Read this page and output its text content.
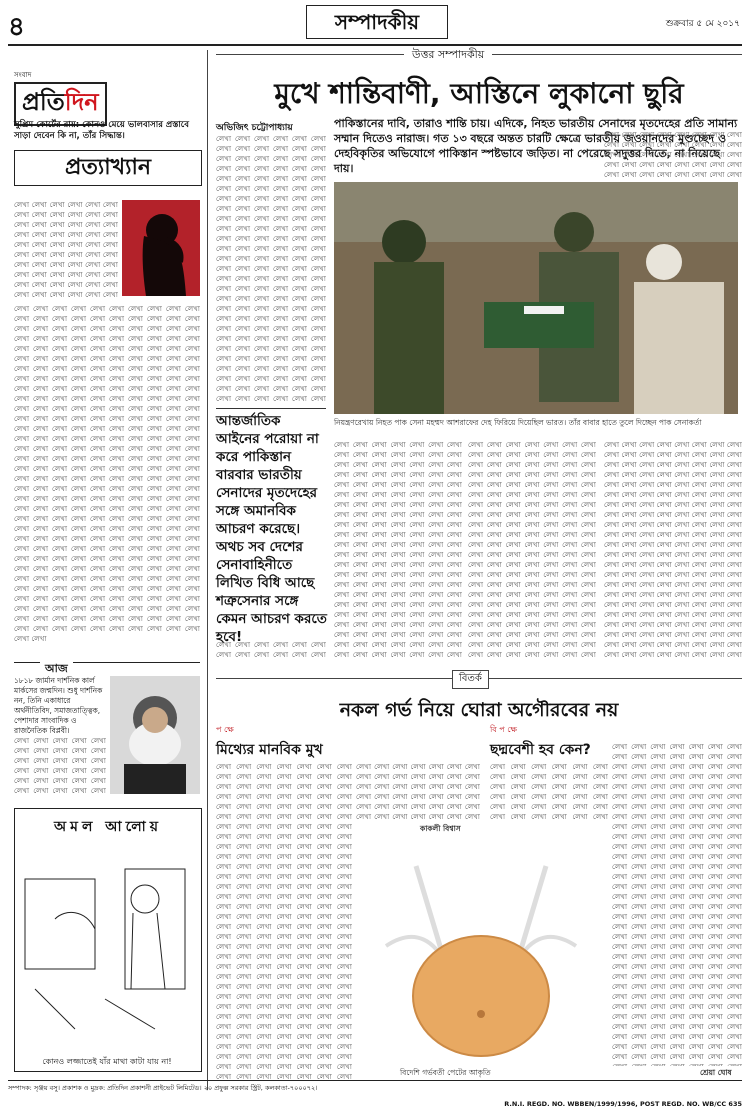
৪	সম্পাদকীয়	শুক্রবার ৫ মে ২০১৭
সংবাদ
প্রতিদিন
সুপ্রিম কোর্টের রায়: কোনও মেয়ে ভালবাসার প্রস্তাবে সাড়া দেবেন কি না, তাঁর সিদ্ধান্ত।
প্রত্যাখ্যান
লেখা লেখা লেখা লেখা লেখা লেখা লেখা লেখা লেখা লেখা লেখা লেখা লেখা লেখা লেখা লেখা লেখা লেখা লেখা লেখা লেখা লেখা লেখা লেখা লেখা লেখা লেখা লেখা লেখা লেখা লেখা লেখা লেখা লেখা লেখা লেখা লেখা লেখা লেখা লেখা লেখা লেখা লেখা লেখা লেখা লেখা লেখা লেখা লেখা লেখা লেখা লেখা লেখা লেখা লেখা লেখা লেখা লেখা লেখা লেখা লেখা লেখা লেখা লেখা লেখা লেখা লেখা লেখা লেখা লেখা লেখা লেখা লেখা লেখা লেখা লেখা লেখা লেখা লেখা লেখা লেখা লেখা লেখা লেখা লেখা লেখা লেখা লেখা লেখা লেখা লেখা লেখা লেখা লেখা লেখা লেখা লেখা লেখা লেখা লেখা লেখা লেখা লেখা লেখা লেখা লেখা লেখা লেখা লেখা লেখা লেখা লেখা লেখা লেখা লেখা লেখা লেখা লেখা লেখা লেখা লেখা লেখা লেখা লেখা লেখা লেখা লেখা লেখা লেখা লেখা লেখা লেখা লেখা লেখা লেখা লেখা লেখা লেখা লেখা লেখা লেখা লেখা লেখা লেখা লেখা লেখা লেখা লেখা লেখা লেখা লেখা লেখা লেখা লেখা লেখা লেখা লেখা লেখা লেখা লেখা লেখা লেখা লেখা লেখা লেখা লেখা লেখা লেখা লেখা লেখা লেখা লেখা লেখা লেখা লেখা লেখা লেখা লেখা লেখা লেখা লেখা লেখা লেখা লেখা লেখা লেখা লেখা লেখা লেখা লেখা লেখা লেখা লেখা লেখা লেখা লেখা লেখা লেখা লেখা লেখা লেখা লেখা লেখা লেখা লেখা লেখা লেখা লেখা লেখা লেখা লেখা লেখা লেখা লেখা লেখা লেখা লেখা লেখা লেখা লেখা লেখা লেখা লেখা লেখা লেখা লেখা লেখা লেখা লেখা লেখা লেখা লেখা লেখা লেখা লেখা লেখা লেখা লেখা লেখা লেখা লেখা লেখা লেখা লেখা লেখা লেখা লেখা লেখা লেখা লেখা লেখা লেখা লেখা লেখা লেখা লেখা লেখা লেখা লেখা লেখা লেখা লেখা লেখা লেখা লেখা লেখা লেখা লেখা লেখা লেখা লেখা লেখা লেখা লেখা লেখা লেখা লেখা লেখা লেখা লেখা লেখা লেখা লেখা লেখা লেখা লেখা লেখা লেখা লেখা লেখা লেখা লেখা লেখা লেখা লেখা লেখা লেখা লেখা লেখা লেখা লেখা লেখা লেখা লেখা লেখা লেখা লেখা লেখা লেখা লেখা লেখা লেখা লেখা লেখা লেখা লেখা লেখা লেখা লেখা লেখা লেখা লেখা লেখা লেখা লেখা লেখা লেখা লেখা লেখা লেখা লেখা লেখা
লেখা লেখা লেখা লেখা লেখা লেখা লেখা লেখা লেখা লেখা লেখা লেখা লেখা লেখা লেখা লেখা লেখা লেখা লেখা লেখা লেখা লেখা লেখা লেখা লেখা লেখা লেখা লেখা লেখা লেখা লেখা লেখা লেখা লেখা লেখা লেখা লেখা লেখা লেখা লেখা লেখা লেখা লেখা লেখা লেখা লেখা লেখা লেখা লেখা লেখা লেখা লেখা লেখা লেখা লেখা লেখা লেখা লেখা লেখা লেখা লেখা লেখা লেখা লেখা লেখা লেখা লেখা লেখা লেখা লেখা লেখা লেখা লেখা লেখা লেখা লেখা লেখা লেখা লেখা লেখা লেখা লেখা লেখা লেখা লেখা লেখা লেখা লেখা লেখা লেখা লেখা লেখা লেখা লেখা লেখা লেখা লেখা লেখা লেখা লেখা লেখা লেখা লেখা লেখা লেখা লেখা লেখা লেখা লেখা লেখা লেখা লেখা লেখা লেখা লেখা লেখা লেখা লেখা লেখা লেখা লেখা লেখা লেখা লেখা লেখা লেখা লেখা লেখা লেখা লেখা লেখা লেখা লেখা লেখা লেখা লেখা লেখা লেখা লেখা লেখা লেখা লেখা লেখা লেখা লেখা লেখা লেখা লেখা লেখা লেখা লেখা লেখা লেখা লেখা লেখা লেখা লেখা লেখা লেখা লেখা লেখা লেখা লেখা লেখা লেখা লেখা লেখা লেখা লেখা লেখা লেখা লেখা লেখা লেখা লেখা লেখা লেখা লেখা লেখা লেখা লেখা লেখা লেখা লেখা লেখা লেখা লেখা লেখা লেখা লেখা লেখা লেখা লেখা লেখা লেখা লেখা লেখা লেখা লেখা লেখা লেখা লেখা লেখা লেখা লেখা লেখা লেখা লেখা লেখা লেখা লেখা লেখা লেখা লেখা লেখা লেখা লেখা লেখা লেখা লেখা লেখা লেখা লেখা লেখা লেখা লেখা লেখা লেখা লেখা লেখা লেখা লেখা লেখা লেখা লেখা লেখা লেখা লেখা লেখা লেখা লেখা লেখা লেখা লেখা লেখা লেখা লেখা লেখা লেখা লেখা লেখা লেখা লেখা লেখা লেখা লেখা লেখা লেখা লেখা লেখা লেখা লেখা লেখা লেখা লেখা লেখা লেখা লেখা লেখা লেখা লেখা লেখা লেখা লেখা লেখা লেখা লেখা লেখা লেখা লেখা লেখা লেখা লেখা লেখা লেখা লেখা লেখা লেখা লেখা লেখা লেখা লেখা লেখা লেখা লেখা লেখা লেখা লেখা লেখা লেখা লেখা লেখা লেখা লেখা লেখা লেখা লেখা লেখা লেখা লেখা লেখা লেখা লেখা লেখা লেখা লেখা লেখা লেখা লেখা লেখা লেখা লেখা লেখা লেখা লেখা লেখা লেখা লেখা লেখা লেখা লেখা লেখা
আজ
১৮১৮ জার্মান দার্শনিক কার্ল মার্কসের জন্মদিন। শুধু দার্শনিক নন, তিনি একাধারে অর্থনীতিবিদ, সমাজতাত্ত্বিক, পেশাদার সাংবাদিক ও রাজনৈতিক বিপ্লবী।
লেখা লেখা লেখা লেখা লেখা লেখা লেখা লেখা লেখা লেখা লেখা লেখা লেখা লেখা লেখা লেখা লেখা লেখা লেখা লেখা লেখা লেখা লেখা লেখা লেখা লেখা লেখা লেখা লেখা লেখা লেখা লেখা লেখা লেখা লেখা লেখা লেখা লেখা লেখা লেখা লেখা লেখা লেখা লেখা লেখা লেখা লেখা লেখা লেখা লেখা লেখা লেখা লেখা লেখা লেখা লেখা লেখা লেখা লেখা লেখা লেখা লেখা লেখা লেখা লেখা লেখা লেখা লেখা লেখা লেখা লেখা লেখা লেখা লেখা লেখা লেখা লেখা লেখা লেখা লেখা লেখা লেখা লেখা লেখা লেখা লেখা লেখা লেখা লেখা লেখা লেখা লেখা লেখা লেখা লেখা লেখা লেখা লেখা লেখা লেখা লেখা লেখা লেখা লেখা লেখা লেখা লেখা লেখা লেখা লেখা লেখা লেখা লেখা লেখা লেখা লেখা লেখা লেখা লেখা লেখা লেখা লেখা লেখা লেখা লেখা লেখা লেখা লেখা লেখা লেখা লেখা লেখা লেখা লেখা লেখা লেখা লেখা লেখা লেখা লেখা লেখা লেখা লেখা লেখা লেখা লেখা লেখা লেখা লেখা লেখা লেখা লেখা লেখা লেখা লেখা লেখা লেখা লেখা লেখা লেখা লেখা লেখা লেখা লেখা লেখা লেখা লেখা লেখা লেখা লেখা লেখা লেখা লেখা লেখা লেখা লেখা লেখা লেখা লেখা লেখা লেখা লেখা লেখা লেখা লেখা লেখা লেখা লেখা লেখা লেখা লেখা লেখা লেখা লেখা লেখা লেখা লেখা লেখা লেখা লেখা লেখা লেখা লেখা লেখা লেখা লেখা লেখা লেখা লেখা লেখা লেখা লেখা লেখা লেখা লেখা লেখা লেখা লেখা লেখা লেখা লেখা লেখা লেখা লেখা লেখা লেখা লেখা লেখা লেখা লেখা লেখা লেখা লেখা লেখা লেখা লেখা লেখা লেখা লেখা লেখা লেখা লেখা লেখা লেখা লেখা লেখা লেখা লেখা লেখা লেখা লেখা লেখা লেখা লেখা লেখা লেখা লেখা লেখা লেখা লেখা লেখা লেখা লেখা লেখা লেখা লেখা লেখা লেখা লেখা লেখা লেখা লেখা লেখা লেখা লেখা লেখা লেখা লেখা লেখা লেখা লেখা লেখা লেখা লেখা লেখা লেখা লেখা লেখা লেখা লেখা লেখা লেখা লেখা লেখা লেখা লেখা লেখা লেখা লেখা লেখা লেখা লেখা লেখা লেখা লেখা লেখা লেখা লেখা লেখা লেখা লেখা লেখা লেখা লেখা লেখা লেখা লেখা লেখা লেখা লেখা লেখা লেখা লেখা লেখা লেখা লেখা লেখা লেখা লেখা লেখা লেখা লেখা
অমল আলোয়
কোনও লজ্জাতেই যাঁর মাথা কাটা যায় না!
উত্তর সম্পাদকীয়
মুখে শান্তিবাণী, আস্তিনে লুকানো ছুরি
পাকিস্তানের দাবি, তারাও শান্তি চায়। এদিকে, নিহত ভারতীয় সেনাদের মৃতদেহের প্রতি সামান্য সম্মান দিতেও নারাজ। গত ১৩ বছরে অন্তত চারটি ক্ষেত্রে ভারতীয় জওয়ানদের মুণ্ডচ্ছেদ ও দেহবিকৃতির অভিযোগে পাকিস্তান স্পষ্টভাবে জড়িত। না পেরেছে সদুত্তর দিতে, না নিয়েছে দায়।
অভিজিৎ চট্টোপাধ্যায়
লেখা লেখা লেখা লেখা লেখা লেখা লেখা লেখা লেখা লেখা লেখা লেখা লেখা লেখা লেখা লেখা লেখা লেখা লেখা লেখা লেখা লেখা লেখা লেখা লেখা লেখা লেখা লেখা লেখা লেখা লেখা লেখা লেখা লেখা লেখা লেখা লেখা লেখা লেখা লেখা লেখা লেখা লেখা লেখা লেখা লেখা লেখা লেখা লেখা লেখা লেখা লেখা লেখা লেখা লেখা লেখা লেখা লেখা লেখা লেখা লেখা লেখা লেখা লেখা লেখা লেখা লেখা লেখা লেখা লেখা লেখা লেখা লেখা লেখা লেখা লেখা লেখা লেখা লেখা লেখা লেখা লেখা লেখা লেখা লেখা লেখা লেখা লেখা লেখা লেখা লেখা লেখা লেখা লেখা লেখা লেখা লেখা লেখা লেখা লেখা লেখা লেখা লেখা লেখা লেখা লেখা লেখা লেখা লেখা লেখা লেখা লেখা লেখা লেখা লেখা লেখা লেখা লেখা লেখা লেখা লেখা লেখা লেখা লেখা লেখা লেখা লেখা লেখা লেখা লেখা লেখা লেখা লেখা লেখা লেখা লেখা লেখা লেখা লেখা লেখা লেখা লেখা লেখা লেখা লেখা লেখা লেখা লেখা লেখা লেখা লেখা লেখা লেখা লেখা লেখা লেখা লেখা লেখা লেখা লেখা লেখা লেখা লেখা লেখা লেখা লেখা লেখা লেখা লেখা লেখা লেখা লেখা লেখা লেখা লেখা লেখা লেখা লেখা লেখা লেখা লেখা লেখা লেখা লেখা লেখা লেখা লেখা লেখা লেখা লেখা লেখা লেখা লেখা লেখা লেখা লেখা লেখা লেখা লেখা লেখা লেখা লেখা লেখা লেখা লেখা লেখা লেখা লেখা লেখা লেখা লেখা লেখা লেখা লেখা লেখা লেখা লেখা লেখা লেখা লেখা লেখা লেখা লেখা লেখা লেখা লেখা লেখা লেখা লেখা লেখা লেখা লেখা লেখা লেখা লেখা লেখা লেখা লেখা লেখা লেখা লেখা লেখা লেখা লেখা লেখা লেখা লেখা লেখা লেখা লেখা লেখা লেখা লেখা লেখা লেখা লেখা লেখা লেখা লেখা লেখা লেখা লেখা লেখা লেখা লেখা লেখা লেখা লেখা লেখা লেখা লেখা লেখা লেখা লেখা লেখা লেখা লেখা লেখা লেখা লেখা লেখা লেখা লেখা লেখা লেখা লেখা লেখা লেখা লেখা লেখা লেখা লেখা লেখা লেখা লেখা লেখা লেখা লেখা লেখা লেখা লেখা লেখা লেখা লেখা লেখা লেখা লেখা লেখা লেখা লেখা লেখা লেখা লেখা লেখা লেখা লেখা লেখা লেখা লেখা লেখা লেখা লেখা লেখা লেখা লেখা লেখা লেখা লেখা লেখা লেখা লেখা লেখা
নিয়ন্ত্রণরেখায় নিহত পাক সেনা মহম্মদ আশরাফের দেহ ফিরিয়ে দিয়েছিল ভারত। তাঁর বাবার হাতে তুলে দিচ্ছেন পাক সেনাকর্তা
আন্তর্জাতিক আইনের পরোয়া না করে পাকিস্তান বারবার ভারতীয় সেনাদের মৃতদেহের সঙ্গে অমানবিক আচরণ করেছে। অথচ সব দেশের সেনাবাহিনীতে লিখিত বিধি আছে শত্রুসেনার সঙ্গে কেমন আচরণ করতে হবে!
লেখা লেখা লেখা লেখা লেখা লেখা লেখা লেখা লেখা লেখা লেখা লেখা লেখা লেখা লেখা লেখা লেখা লেখা লেখা লেখা লেখা লেখা লেখা লেখা লেখা লেখা লেখা লেখা লেখা লেখা লেখা লেখা লেখা লেখা লেখা লেখা লেখা লেখা লেখা লেখা লেখা লেখা লেখা লেখা লেখা লেখা লেখা লেখা লেখা লেখা লেখা লেখা লেখা লেখা লেখা লেখা লেখা লেখা লেখা লেখা লেখা লেখা লেখা লেখা লেখা লেখা লেখা লেখা লেখা লেখা লেখা লেখা লেখা লেখা লেখা লেখা লেখা লেখা লেখা লেখা লেখা লেখা লেখা লেখা লেখা লেখা লেখা লেখা লেখা লেখা লেখা লেখা লেখা লেখা লেখা লেখা লেখা লেখা লেখা লেখা লেখা লেখা লেখা লেখা লেখা লেখা লেখা লেখা লেখা লেখা লেখা লেখা লেখা লেখা লেখা লেখা লেখা লেখা লেখা লেখা লেখা লেখা লেখা লেখা লেখা লেখা লেখা লেখা লেখা লেখা লেখা লেখা লেখা লেখা লেখা লেখা লেখা লেখা লেখা লেখা লেখা লেখা লেখা লেখা লেখা লেখা লেখা লেখা লেখা লেখা লেখা লেখা লেখা লেখা লেখা লেখা লেখা লেখা লেখা লেখা লেখা লেখা লেখা লেখা লেখা লেখা লেখা লেখা লেখা লেখা লেখা লেখা লেখা লেখা লেখা লেখা লেখা লেখা লেখা লেখা লেখা লেখা লেখা লেখা লেখা লেখা লেখা লেখা লেখা লেখা লেখা লেখা লেখা লেখা লেখা লেখা লেখা লেখা লেখা লেখা লেখা লেখা লেখা লেখা লেখা লেখা লেখা লেখা লেখা লেখা লেখা লেখা লেখা লেখা লেখা লেখা লেখা লেখা লেখা লেখা লেখা লেখা লেখা লেখা লেখা লেখা লেখা লেখা লেখা লেখা লেখা লেখা লেখা লেখা লেখা লেখা লেখা লেখা লেখা লেখা লেখা লেখা লেখা লেখা লেখা লেখা লেখা লেখা লেখা লেখা লেখা লেখা লেখা লেখা লেখা লেখা লেখা লেখা লেখা লেখা লেখা লেখা লেখা লেখা লেখা লেখা লেখা লেখা লেখা লেখা লেখা লেখা লেখা লেখা লেখা লেখা লেখা লেখা লেখা লেখা লেখা লেখা লেখা লেখা লেখা লেখা লেখা লেখা লেখা লেখা লেখা লেখা লেখা লেখা লেখা লেখা লেখা লেখা লেখা লেখা লেখা লেখা লেখা লেখা লেখা লেখা লেখা লেখা লেখা লেখা লেখা লেখা লেখা লেখা লেখা লেখা লেখা লেখা লেখা লেখা লেখা লেখা লেখা লেখা লেখা লেখা লেখা লেখা লেখা লেখা লেখা লেখা
লেখা লেখা লেখা লেখা লেখা লেখা লেখা লেখা লেখা লেখা লেখা লেখা লেখা লেখা লেখা লেখা লেখা লেখা লেখা লেখা লেখা লেখা লেখা লেখা লেখা লেখা লেখা লেখা লেখা লেখা লেখা লেখা লেখা লেখা লেখা লেখা লেখা লেখা লেখা লেখা লেখা লেখা লেখা লেখা লেখা লেখা লেখা লেখা লেখা লেখা লেখা লেখা লেখা লেখা লেখা লেখা লেখা লেখা লেখা লেখা লেখা লেখা লেখা লেখা লেখা লেখা লেখা লেখা লেখা লেখা লেখা লেখা লেখা লেখা লেখা লেখা লেখা লেখা লেখা লেখা লেখা লেখা লেখা লেখা লেখা লেখা লেখা লেখা লেখা লেখা লেখা লেখা লেখা লেখা লেখা লেখা লেখা লেখা লেখা লেখা লেখা লেখা লেখা লেখা লেখা লেখা লেখা লেখা লেখা লেখা লেখা লেখা লেখা লেখা লেখা লেখা লেখা লেখা লেখা লেখা লেখা লেখা লেখা লেখা লেখা লেখা লেখা লেখা লেখা লেখা লেখা লেখা লেখা লেখা লেখা লেখা লেখা লেখা লেখা লেখা লেখা লেখা লেখা লেখা লেখা লেখা লেখা লেখা লেখা লেখা লেখা লেখা লেখা লেখা লেখা লেখা লেখা লেখা লেখা লেখা লেখা লেখা লেখা লেখা লেখা লেখা লেখা লেখা লেখা লেখা লেখা লেখা লেখা লেখা লেখা লেখা লেখা লেখা লেখা লেখা লেখা লেখা লেখা লেখা লেখা লেখা লেখা লেখা লেখা লেখা লেখা লেখা লেখা লেখা লেখা লেখা লেখা লেখা লেখা লেখা লেখা লেখা লেখা লেখা লেখা লেখা লেখা লেখা লেখা লেখা লেখা লেখা লেখা লেখা লেখা লেখা লেখা লেখা লেখা লেখা লেখা লেখা লেখা লেখা লেখা লেখা লেখা লেখা লেখা লেখা লেখা লেখা লেখা লেখা লেখা লেখা লেখা লেখা লেখা লেখা লেখা লেখা লেখা লেখা লেখা লেখা লেখা লেখা লেখা লেখা লেখা লেখা লেখা লেখা লেখা লেখা লেখা লেখা লেখা লেখা লেখা লেখা লেখা লেখা লেখা লেখা লেখা লেখা লেখা লেখা লেখা লেখা লেখা লেখা লেখা লেখা লেখা লেখা লেখা লেখা লেখা লেখা লেখা লেখা লেখা লেখা লেখা লেখা লেখা লেখা লেখা লেখা লেখা লেখা লেখা লেখা লেখা লেখা লেখা লেখা লেখা লেখা লেখা লেখা লেখা লেখা লেখা লেখা লেখা লেখা লেখা লেখা লেখা লেখা লেখা লেখা লেখা লেখা লেখা লেখা লেখা লেখা লেখা লেখা লেখা লেখা লেখা লেখা লেখা লেখা লেখা লেখা
লেখা লেখা লেখা লেখা লেখা লেখা লেখা লেখা লেখা লেখা লেখা লেখা লেখা লেখা লেখা লেখা লেখা লেখা লেখা লেখা লেখা লেখা লেখা লেখা লেখা লেখা লেখা লেখা লেখা লেখা লেখা লেখা লেখা লেখা লেখা লেখা লেখা লেখা লেখা লেখা লেখা লেখা লেখা লেখা লেখা লেখা লেখা লেখা লেখা লেখা লেখা লেখা লেখা লেখা লেখা লেখা লেখা লেখা লেখা লেখা লেখা লেখা লেখা লেখা লেখা লেখা লেখা লেখা লেখা লেখা লেখা লেখা লেখা লেখা লেখা লেখা লেখা লেখা লেখা লেখা লেখা লেখা লেখা লেখা লেখা লেখা লেখা লেখা লেখা লেখা লেখা লেখা লেখা লেখা লেখা লেখা লেখা লেখা লেখা লেখা লেখা লেখা লেখা লেখা লেখা লেখা লেখা লেখা লেখা লেখা লেখা লেখা লেখা লেখা লেখা লেখা লেখা লেখা লেখা লেখা লেখা লেখা লেখা লেখা লেখা লেখা লেখা লেখা লেখা লেখা লেখা লেখা লেখা লেখা লেখা লেখা লেখা লেখা লেখা লেখা লেখা লেখা লেখা লেখা লেখা লেখা লেখা লেখা লেখা লেখা লেখা লেখা লেখা লেখা লেখা লেখা লেখা লেখা লেখা লেখা লেখা লেখা লেখা লেখা লেখা লেখা লেখা লেখা লেখা লেখা লেখা লেখা লেখা লেখা লেখা লেখা লেখা লেখা লেখা লেখা লেখা লেখা লেখা লেখা লেখা লেখা লেখা লেখা লেখা লেখা লেখা লেখা লেখা লেখা লেখা লেখা লেখা লেখা লেখা লেখা লেখা লেখা লেখা লেখা লেখা লেখা লেখা লেখা লেখা লেখা লেখা লেখা লেখা লেখা লেখা লেখা লেখা লেখা লেখা লেখা লেখা লেখা লেখা লেখা লেখা লেখা লেখা লেখা লেখা লেখা লেখা লেখা লেখা লেখা লেখা লেখা লেখা লেখা লেখা লেখা লেখা লেখা লেখা লেখা লেখা লেখা লেখা লেখা লেখা লেখা লেখা লেখা লেখা লেখা লেখা লেখা লেখা লেখা লেখা লেখা লেখা লেখা লেখা লেখা লেখা লেখা লেখা লেখা লেখা লেখা লেখা লেখা লেখা লেখা লেখা লেখা লেখা লেখা লেখা লেখা লেখা লেখা লেখা লেখা লেখা লেখা লেখা লেখা লেখা লেখা লেখা লেখা লেখা লেখা লেখা লেখা লেখা লেখা লেখা লেখা লেখা লেখা লেখা লেখা লেখা লেখা লেখা লেখা লেখা লেখা লেখা লেখা লেখা লেখা লেখা লেখা লেখা লেখা লেখা লেখা লেখা লেখা লেখা লেখা লেখা লেখা লেখা লেখা লেখা লেখা লেখা লেখা
লেখা লেখা লেখা লেখা লেখা লেখা লেখা লেখা লেখা লেখা লেখা লেখা লেখা লেখা লেখা লেখা লেখা লেখা লেখা লেখা লেখা লেখা লেখা লেখা লেখা লেখা লেখা লেখা লেখা লেখা লেখা লেখা লেখা লেখা লেখা লেখা লেখা লেখা লেখা লেখা লেখা লেখা লেখা লেখা লেখা লেখা লেখা লেখা লেখা লেখা লেখা লেখা লেখা লেখা লেখা লেখা লেখা লেখা লেখা লেখা লেখা লেখা লেখা লেখা লেখা লেখা লেখা লেখা লেখা লেখা লেখা লেখা লেখা লেখা লেখা লেখা লেখা লেখা লেখা লেখা লেখা লেখা লেখা লেখা লেখা লেখা লেখা লেখা লেখা লেখা লেখা লেখা লেখা লেখা লেখা লেখা লেখা লেখা লেখা লেখা লেখা লেখা লেখা লেখা লেখা লেখা লেখা লেখা লেখা লেখা লেখা লেখা লেখা লেখা লেখা লেখা লেখা লেখা লেখা লেখা লেখা লেখা লেখা লেখা লেখা লেখা লেখা লেখা লেখা লেখা লেখা লেখা লেখা লেখা লেখা লেখা লেখা লেখা লেখা লেখা লেখা লেখা লেখা লেখা লেখা লেখা লেখা লেখা লেখা লেখা লেখা লেখা লেখা লেখা লেখা লেখা লেখা লেখা লেখা লেখা লেখা লেখা লেখা লেখা লেখা লেখা লেখা লেখা লেখা লেখা লেখা লেখা লেখা লেখা লেখা লেখা লেখা লেখা লেখা লেখা লেখা লেখা লেখা লেখা লেখা লেখা লেখা লেখা লেখা লেখা লেখা লেখা লেখা লেখা লেখা লেখা লেখা লেখা লেখা লেখা লেখা লেখা লেখা লেখা লেখা লেখা লেখা লেখা লেখা লেখা লেখা লেখা লেখা লেখা লেখা লেখা লেখা লেখা লেখা লেখা লেখা লেখা লেখা লেখা লেখা লেখা লেখা লেখা লেখা লেখা লেখা লেখা লেখা লেখা লেখা লেখা লেখা লেখা লেখা লেখা লেখা লেখা লেখা লেখা লেখা লেখা লেখা লেখা লেখা লেখা লেখা লেখা লেখা লেখা লেখা লেখা লেখা লেখা লেখা লেখা লেখা লেখা লেখা লেখা লেখা লেখা লেখা লেখা লেখা লেখা লেখা লেখা লেখা লেখা লেখা লেখা লেখা লেখা লেখা লেখা লেখা লেখা লেখা লেখা লেখা লেখা লেখা লেখা লেখা লেখা লেখা লেখা লেখা লেখা লেখা লেখা লেখা লেখা লেখা লেখা লেখা লেখা লেখা লেখা লেখা লেখা লেখা লেখা লেখা লেখা লেখা লেখা লেখা লেখা লেখা লেখা লেখা লেখা লেখা লেখা লেখা লেখা লেখা লেখা লেখা লেখা লেখা লেখা লেখা লেখা লেখা লেখা
লেখা লেখা লেখা লেখা লেখা লেখা লেখা লেখা লেখা লেখা লেখা লেখা লেখা লেখা লেখা লেখা লেখা লেখা লেখা লেখা লেখা লেখা লেখা লেখা লেখা লেখা লেখা লেখা লেখা লেখা লেখা লেখা লেখা লেখা লেখা লেখা লেখা লেখা লেখা লেখা লেখা লেখা লেখা লেখা লেখা লেখা লেখা লেখা লেখা লেখা লেখা লেখা লেখা লেখা লেখা লেখা লেখা লেখা লেখা লেখা লেখা লেখা লেখা লেখা লেখা লেখা লেখা লেখা লেখা লেখা লেখা লেখা লেখা লেখা লেখা লেখা লেখা লেখা লেখা লেখা লেখা লেখা লেখা লেখা লেখা লেখা লেখা লেখা লেখা লেখা লেখা লেখা লেখা লেখা লেখা লেখা লেখা লেখা লেখা লেখা লেখা লেখা লেখা লেখা লেখা লেখা লেখা লেখা লেখা লেখা লেখা লেখা লেখা লেখা লেখা লেখা লেখা লেখা লেখা লেখা লেখা লেখা লেখা লেখা লেখা লেখা লেখা লেখা লেখা লেখা লেখা লেখা লেখা লেখা লেখা লেখা লেখা লেখা লেখা লেখা লেখা লেখা লেখা লেখা লেখা লেখা লেখা লেখা লেখা লেখা লেখা লেখা লেখা লেখা লেখা লেখা লেখা লেখা লেখা লেখা লেখা লেখা লেখা লেখা লেখা লেখা লেখা লেখা লেখা লেখা লেখা লেখা লেখা লেখা লেখা লেখা লেখা লেখা লেখা লেখা লেখা লেখা লেখা লেখা লেখা লেখা লেখা লেখা লেখা লেখা লেখা লেখা লেখা লেখা লেখা লেখা লেখা লেখা লেখা লেখা লেখা লেখা লেখা লেখা লেখা লেখা লেখা লেখা লেখা লেখা লেখা লেখা লেখা লেখা লেখা লেখা লেখা লেখা লেখা লেখা লেখা লেখা লেখা লেখা লেখা লেখা লেখা লেখা লেখা লেখা লেখা লেখা লেখা লেখা লেখা লেখা লেখা লেখা লেখা লেখা লেখা লেখা লেখা লেখা লেখা লেখা লেখা লেখা লেখা লেখা লেখা লেখা লেখা লেখা লেখা লেখা লেখা লেখা লেখা লেখা লেখা লেখা লেখা লেখা লেখা লেখা লেখা লেখা লেখা লেখা লেখা লেখা লেখা লেখা লেখা লেখা লেখা লেখা লেখা লেখা লেখা লেখা লেখা লেখা লেখা লেখা লেখা লেখা লেখা লেখা লেখা লেখা লেখা লেখা লেখা লেখা লেখা লেখা লেখা লেখা লেখা লেখা লেখা লেখা লেখা লেখা লেখা লেখা লেখা লেখা লেখা লেখা লেখা লেখা লেখা লেখা লেখা লেখা লেখা লেখা লেখা লেখা লেখা লেখা লেখা লেখা লেখা লেখা লেখা লেখা লেখা লেখা
বিতর্ক
নকল গর্ভ নিয়ে ঘোরা অগৌরবের নয়
প ক্ষে
মিথ্যের মানবিক মুখ
লেখা লেখা লেখা লেখা লেখা লেখা লেখা লেখা লেখা লেখা লেখা লেখা লেখা লেখা লেখা লেখা লেখা লেখা লেখা লেখা লেখা লেখা লেখা লেখা লেখা লেখা লেখা লেখা লেখা লেখা লেখা লেখা লেখা লেখা লেখা লেখা লেখা লেখা লেখা লেখা লেখা লেখা লেখা লেখা লেখা লেখা লেখা লেখা লেখা লেখা লেখা লেখা লেখা লেখা লেখা লেখা লেখা লেখা লেখা লেখা লেখা লেখা লেখা লেখা লেখা লেখা লেখা লেখা লেখা লেখা লেখা লেখা লেখা লেখা লেখা লেখা লেখা লেখা লেখা লেখা লেখা লেখা লেখা লেখা লেখা লেখা লেখা লেখা লেখা লেখা লেখা লেখা লেখা লেখা লেখা লেখা লেখা লেখা লেখা লেখা লেখা লেখা লেখা লেখা লেখা লেখা লেখা লেখা লেখা লেখা লেখা লেখা লেখা লেখা লেখা লেখা লেখা লেখা লেখা লেখা লেখা লেখা লেখা লেখা লেখা লেখা লেখা লেখা লেখা লেখা লেখা লেখা লেখা লেখা লেখা লেখা লেখা লেখা লেখা লেখা লেখা লেখা লেখা লেখা লেখা লেখা লেখা লেখা লেখা লেখা লেখা লেখা লেখা লেখা লেখা লেখা লেখা লেখা লেখা লেখা লেখা লেখা লেখা লেখা লেখা লেখা লেখা লেখা লেখা লেখা লেখা লেখা লেখা লেখা লেখা লেখা লেখা লেখা লেখা লেখা লেখা লেখা লেখা লেখা লেখা লেখা লেখা লেখা লেখা লেখা লেখা লেখা লেখা লেখা লেখা লেখা লেখা লেখা লেখা লেখা লেখা লেখা লেখা লেখা লেখা লেখা লেখা লেখা লেখা লেখা লেখা লেখা লেখা লেখা লেখা লেখা লেখা লেখা লেখা লেখা লেখা লেখা লেখা লেখা লেখা লেখা লেখা লেখা লেখা লেখা লেখা লেখা লেখা লেখা লেখা লেখা লেখা লেখা লেখা লেখা লেখা লেখা লেখা লেখা লেখা লেখা লেখা লেখা লেখা লেখা লেখা লেখা লেখা লেখা লেখা লেখা লেখা লেখা লেখা লেখা লেখা লেখা লেখা লেখা লেখা লেখা লেখা লেখা লেখা লেখা লেখা লেখা লেখা লেখা লেখা লেখা লেখা লেখা লেখা লেখা লেখা লেখা লেখা লেখা লেখা লেখা লেখা লেখা লেখা লেখা লেখা লেখা লেখা লেখা লেখা লেখা লেখা লেখা লেখা লেখা লেখা লেখা লেখা লেখা লেখা লেখা লেখা লেখা লেখা লেখা লেখা লেখা লেখা লেখা লেখা লেখা লেখা লেখা লেখা লেখা লেখা লেখা লেখা লেখা লেখা লেখা লেখা লেখা লেখা লেখা লেখা লেখা
লেখা লেখা লেখা লেখা লেখা লেখা লেখা লেখা লেখা লেখা লেখা লেখা লেখা লেখা লেখা লেখা লেখা লেখা লেখা লেখা লেখা লেখা লেখা লেখা লেখা লেখা লেখা লেখা লেখা লেখা লেখা লেখা লেখা লেখা লেখা লেখা লেখা লেখা লেখা লেখা লেখা লেখা লেখা লেখা লেখা লেখা লেখা লেখা লেখা লেখা লেখা লেখা লেখা লেখা লেখা লেখা লেখা লেখা লেখা লেখা লেখা লেখা লেখা লেখা লেখা লেখা লেখা লেখা লেখা লেখা লেখা লেখা লেখা লেখা লেখা লেখা লেখা লেখা লেখা লেখা লেখা লেখা লেখা লেখা লেখা লেখা লেখা লেখা লেখা লেখা লেখা লেখা লেখা লেখা লেখা লেখা লেখা লেখা লেখা লেখা লেখা লেখা লেখা লেখা লেখা লেখা লেখা লেখা লেখা লেখা লেখা লেখা লেখা লেখা লেখা লেখা লেখা লেখা লেখা লেখা লেখা লেখা লেখা লেখা লেখা লেখা লেখা লেখা লেখা লেখা লেখা লেখা লেখা লেখা লেখা লেখা লেখা লেখা লেখা লেখা লেখা লেখা লেখা লেখা লেখা লেখা লেখা লেখা লেখা লেখা লেখা লেখা লেখা লেখা লেখা লেখা লেখা লেখা লেখা লেখা লেখা লেখা লেখা লেখা লেখা লেখা লেখা লেখা লেখা লেখা লেখা লেখা লেখা লেখা লেখা লেখা লেখা লেখা লেখা লেখা লেখা লেখা লেখা লেখা লেখা লেখা লেখা লেখা লেখা লেখা লেখা লেখা লেখা লেখা লেখা লেখা লেখা লেখা লেখা লেখা লেখা লেখা লেখা লেখা লেখা লেখা লেখা লেখা লেখা লেখা লেখা লেখা লেখা লেখা লেখা লেখা লেখা লেখা লেখা লেখা লেখা লেখা লেখা লেখা লেখা লেখা লেখা লেখা লেখা লেখা লেখা লেখা লেখা লেখা লেখা লেখা লেখা লেখা লেখা লেখা লেখা লেখা লেখা লেখা লেখা লেখা লেখা লেখা লেখা লেখা লেখা লেখা লেখা লেখা লেখা লেখা লেখা লেখা লেখা লেখা লেখা লেখা লেখা লেখা লেখা লেখা লেখা লেখা লেখা লেখা লেখা লেখা লেখা লেখা লেখা লেখা লেখা লেখা লেখা লেখা লেখা লেখা লেখা লেখা লেখা লেখা লেখা লেখা লেখা লেখা লেখা লেখা লেখা লেখা লেখা লেখা লেখা লেখা লেখা লেখা লেখা লেখা লেখা লেখা লেখা লেখা লেখা লেখা লেখা লেখা লেখা লেখা লেখা লেখা লেখা লেখা লেখা লেখা লেখা লেখা লেখা লেখা লেখা লেখা লেখা লেখা লেখা লেখা লেখা লেখা লেখা লেখা
কাকলী বিশ্বাস
বি প ক্ষে
ছদ্মবেশী হব কেন?
লেখা লেখা লেখা লেখা লেখা লেখা লেখা লেখা লেখা লেখা লেখা লেখা লেখা লেখা লেখা লেখা লেখা লেখা লেখা লেখা লেখা লেখা লেখা লেখা লেখা লেখা লেখা লেখা লেখা লেখা লেখা লেখা লেখা লেখা লেখা লেখা লেখা লেখা লেখা লেখা লেখা লেখা লেখা লেখা লেখা লেখা লেখা লেখা লেখা লেখা লেখা লেখা লেখা লেখা লেখা লেখা লেখা লেখা লেখা লেখা লেখা লেখা লেখা লেখা লেখা লেখা লেখা লেখা লেখা লেখা লেখা লেখা লেখা লেখা লেখা লেখা লেখা লেখা লেখা লেখা লেখা লেখা লেখা লেখা লেখা লেখা লেখা লেখা লেখা লেখা লেখা লেখা লেখা লেখা লেখা লেখা লেখা লেখা লেখা লেখা লেখা লেখা লেখা লেখা লেখা লেখা লেখা লেখা লেখা লেখা লেখা লেখা লেখা লেখা লেখা লেখা লেখা লেখা লেখা লেখা লেখা লেখা লেখা লেখা লেখা লেখা লেখা লেখা লেখা লেখা লেখা লেখা লেখা লেখা লেখা লেখা লেখা লেখা লেখা লেখা লেখা লেখা লেখা লেখা লেখা লেখা লেখা লেখা লেখা লেখা লেখা লেখা লেখা লেখা লেখা লেখা লেখা লেখা লেখা লেখা লেখা লেখা লেখা লেখা লেখা লেখা লেখা লেখা লেখা লেখা লেখা লেখা লেখা লেখা লেখা লেখা লেখা লেখা লেখা লেখা লেখা লেখা লেখা লেখা লেখা লেখা লেখা লেখা লেখা লেখা লেখা লেখা লেখা লেখা লেখা লেখা লেখা লেখা লেখা লেখা লেখা লেখা লেখা লেখা লেখা লেখা লেখা লেখা লেখা লেখা লেখা লেখা লেখা লেখা লেখা লেখা লেখা লেখা লেখা লেখা লেখা লেখা লেখা লেখা লেখা লেখা লেখা লেখা লেখা লেখা লেখা লেখা লেখা লেখা লেখা লেখা লেখা লেখা লেখা লেখা লেখা লেখা লেখা লেখা লেখা লেখা লেখা লেখা লেখা লেখা লেখা লেখা লেখা লেখা লেখা লেখা লেখা লেখা লেখা লেখা লেখা লেখা লেখা লেখা লেখা লেখা লেখা লেখা লেখা লেখা লেখা লেখা লেখা লেখা লেখা লেখা লেখা লেখা লেখা লেখা লেখা লেখা লেখা লেখা লেখা লেখা লেখা লেখা লেখা লেখা লেখা লেখা লেখা লেখা লেখা লেখা লেখা লেখা লেখা লেখা লেখা লেখা লেখা লেখা লেখা লেখা লেখা লেখা লেখা লেখা লেখা লেখা লেখা লেখা লেখা লেখা লেখা লেখা লেখা লেখা লেখা লেখা লেখা লেখা লেখা লেখা লেখা লেখা লেখা লেখা লেখা লেখা
লেখা লেখা লেখা লেখা লেখা লেখা লেখা লেখা লেখা লেখা লেখা লেখা লেখা লেখা লেখা লেখা লেখা লেখা লেখা লেখা লেখা লেখা লেখা লেখা লেখা লেখা লেখা লেখা লেখা লেখা লেখা লেখা লেখা লেখা লেখা লেখা লেখা লেখা লেখা লেখা লেখা লেখা লেখা লেখা লেখা লেখা লেখা লেখা লেখা লেখা লেখা লেখা লেখা লেখা লেখা লেখা লেখা লেখা লেখা লেখা লেখা লেখা লেখা লেখা লেখা লেখা লেখা লেখা লেখা লেখা লেখা লেখা লেখা লেখা লেখা লেখা লেখা লেখা লেখা লেখা লেখা লেখা লেখা লেখা লেখা লেখা লেখা লেখা লেখা লেখা লেখা লেখা লেখা লেখা লেখা লেখা লেখা লেখা লেখা লেখা লেখা লেখা লেখা লেখা লেখা লেখা লেখা লেখা লেখা লেখা লেখা লেখা লেখা লেখা লেখা লেখা লেখা লেখা লেখা লেখা লেখা লেখা লেখা লেখা লেখা লেখা লেখা লেখা লেখা লেখা লেখা লেখা লেখা লেখা লেখা লেখা লেখা লেখা লেখা লেখা লেখা লেখা লেখা লেখা লেখা লেখা লেখা লেখা লেখা লেখা লেখা লেখা লেখা লেখা লেখা লেখা লেখা লেখা লেখা লেখা লেখা লেখা লেখা লেখা লেখা লেখা লেখা লেখা লেখা লেখা লেখা লেখা লেখা লেখা লেখা লেখা লেখা লেখা লেখা লেখা লেখা লেখা লেখা লেখা লেখা লেখা লেখা লেখা লেখা লেখা লেখা লেখা লেখা লেখা লেখা লেখা লেখা লেখা লেখা লেখা লেখা লেখা লেখা লেখা লেখা লেখা লেখা লেখা লেখা লেখা লেখা লেখা লেখা লেখা লেখা লেখা লেখা লেখা লেখা লেখা লেখা লেখা লেখা লেখা লেখা লেখা লেখা লেখা লেখা লেখা লেখা লেখা লেখা লেখা লেখা লেখা লেখা লেখা লেখা লেখা লেখা লেখা লেখা লেখা লেখা লেখা লেখা লেখা লেখা লেখা লেখা লেখা লেখা লেখা লেখা লেখা লেখা লেখা লেখা লেখা লেখা লেখা লেখা লেখা লেখা লেখা লেখা লেখা লেখা লেখা লেখা লেখা লেখা লেখা লেখা লেখা লেখা লেখা লেখা লেখা লেখা লেখা লেখা লেখা লেখা লেখা লেখা লেখা লেখা লেখা লেখা লেখা লেখা লেখা লেখা লেখা লেখা লেখা লেখা লেখা লেখা লেখা লেখা লেখা লেখা লেখা লেখা লেখা লেখা লেখা লেখা লেখা লেখা লেখা লেখা লেখা লেখা লেখা লেখা লেখা লেখা লেখা লেখা লেখা লেখা লেখা লেখা লেখা লেখা লেখা লেখা লেখা
শ্রেয়া ঘোষ
বিদেশি গর্ভবতী পেটের আকৃতি
সম্পাদক: সৃঞ্জয় বসু। প্রকাশক ও মুদ্রক: প্রতিদিন প্রকাশনী প্রাইভেট লিমিটেড। ২০ প্রফুল্ল সরকার স্ট্রিট, কলকাতা-৭০০০৭২।
R.N.I. REGD. NO. WBBEN/1999/1996, POST REGD. NO. WB/CC 635
